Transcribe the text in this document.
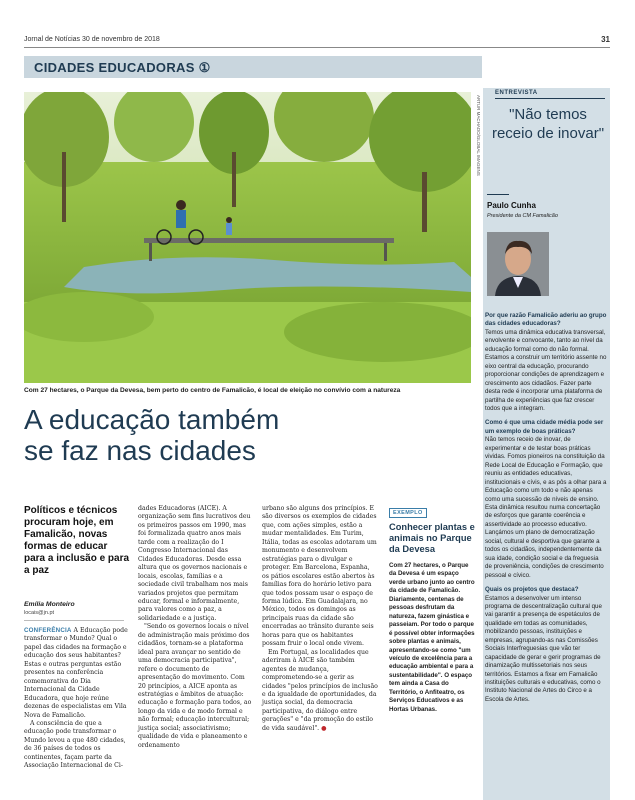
Jornal de Notícias 30 de novembro de 2018	31
CIDADES EDUCADORAS ①
ARTUR MACHADO/GLOBAL IMAGENS
Com 27 hectares, o Parque da Devesa, bem perto do centro de Famalicão, é local de eleição no convívio com a natureza
A educação também
se faz nas cidades
Políticos e técnicos procuram hoje, em Famalicão, novas formas de educar para a inclusão e para a paz
Emília Monteiro
locais@jn.pt

CONFERÊNCIA A Educação pode transformar o Mundo? Qual o papel das cidades na formação e educação dos seus habitantes? Estas e outras perguntas estão presentes na conferência comemorativa do Dia Internacional da Cidade Educadora, que hoje reúne dezenas de especialistas em Vila Nova de Famalicão.

A consciência de que a educação pode transformar o Mundo levou a que 480 cidades, de 36 países de todos os continentes, façam parte da Associação Internacional de Ci-

dades Educadoras (AICE). A organização sem fins lucrativos deu os primeiros passos em 1990, mas foi formalizada quatro anos mais tarde com a realização do I Congresso Internacional das Cidades Educadoras. Desde essa altura que os governos nacionais e locais, escolas, famílias e a sociedade civil trabalham nos mais variados projetos que permitam educar, formal e informalmente, para valores como a paz, a solidariedade e a justiça.

"Sendo os governos locais o nível de administração mais próximo dos cidadãos, tornam-se a plataforma ideal para avançar no sentido de uma democracia participativa", refere o documento de apresentação do movimento. Com 20 princípios, a AICE aponta as estratégias e âmbitos de atuação: educação e formação para todos, ao longo da vida e de modo formal e não formal; educação intercultural; justiça social; associativismo; qualidade de vida e planeamento e ordenamento

urbano são alguns dos princípios. E são diversos os exemplos de cidades que, com ações simples, estão a mudar mentalidades. Em Turim, Itália, todas as escolas adotaram um monumento e desenvolvem estratégias para o divulgar e proteger. Em Barcelona, Espanha, os pátios escolares estão abertos às famílias fora do horário letivo para que todos possam usar o espaço de forma lúdica. Em Guadalajara, no México, todos os domingos as principais ruas da cidade são encerradas ao trânsito durante seis horas para que os habitantes possam fruir o local onde vivem.

Em Portugal, as localidades que aderiram à AICE são também agentes de mudança, comprometendo-se a gerir as cidades "pelos princípios de inclusão e da igualdade de oportunidades, da justiça social, da democracia participativa, do diálogo entre gerações" e "da promoção do estilo de vida saudável". ●

EXEMPLO
Conhecer plantas e animais no Parque da Devesa
Com 27 hectares, o Parque da Devesa é um espaço verde urbano junto ao centro da cidade de Famalicão. Diariamente, centenas de pessoas desfrutam da natureza, fazem ginástica e passeiam. Por todo o parque é possível obter informações sobre plantas e animais, apresentando-se como "um veículo de excelência para a educação ambiental e para a sustentabilidade". O espaço tem ainda a Casa do Território, o Anfiteatro, os Serviços Educativos e as Hortas Urbanas.
ENTREVISTA
"Não temos receio de inovar"
Paulo Cunha
Presidente da CM Famalicão

Por que razão Famalicão aderiu ao grupo das cidades educadoras?

Temos uma dinâmica educativa transversal, envolvente e convocante, tanto ao nível da educação formal como do não formal. Estamos a construir um território assente no eixo central da educação, procurando proporcionar condições de aprendizagem e crescimento aos cidadãos. Fazer parte desta rede é incorporar uma plataforma de partilha de experiências que faz crescer todos que a integram.

Como é que uma cidade média pode ser um exemplo de boas práticas?

Não temos receio de inovar, de experimentar e de testar boas práticas vividas. Fomos pioneiros na constituição da Rede Local de Educação e Formação, que reuniu as entidades educativas, institucionais e cívis, e as pôs a olhar para a Educação como um todo e não apenas como uma sucessão de níveis de ensino. Esta dinâmica resultou numa concertação de esforços que garante coerência e assertividade ao processo educativo. Lançámos um plano de democratização social, cultural e desportiva que garante a todos os cidadãos, independentemente da sua idade, condição social e da freguesia de proveniência, condições de crescimento pessoal e cívico.

Quais os projetos que destaca?

Estamos a desenvolver um intenso programa de descentralização cultural que vai garantir a presença de espetáculos de qualidade em todas as comunidades, mobilizando pessoas, instituições e empresas, agrupando-as nas Comissões Sociais Interfreguesias que vão ter capacidade de gerar e gerir programas de dinamização multissetoriais nos seus territórios. Estamos a fixar em Famalicão instituições culturais e educativas, como o Instituto Nacional de Artes do Circo e a Escola de Artes.
